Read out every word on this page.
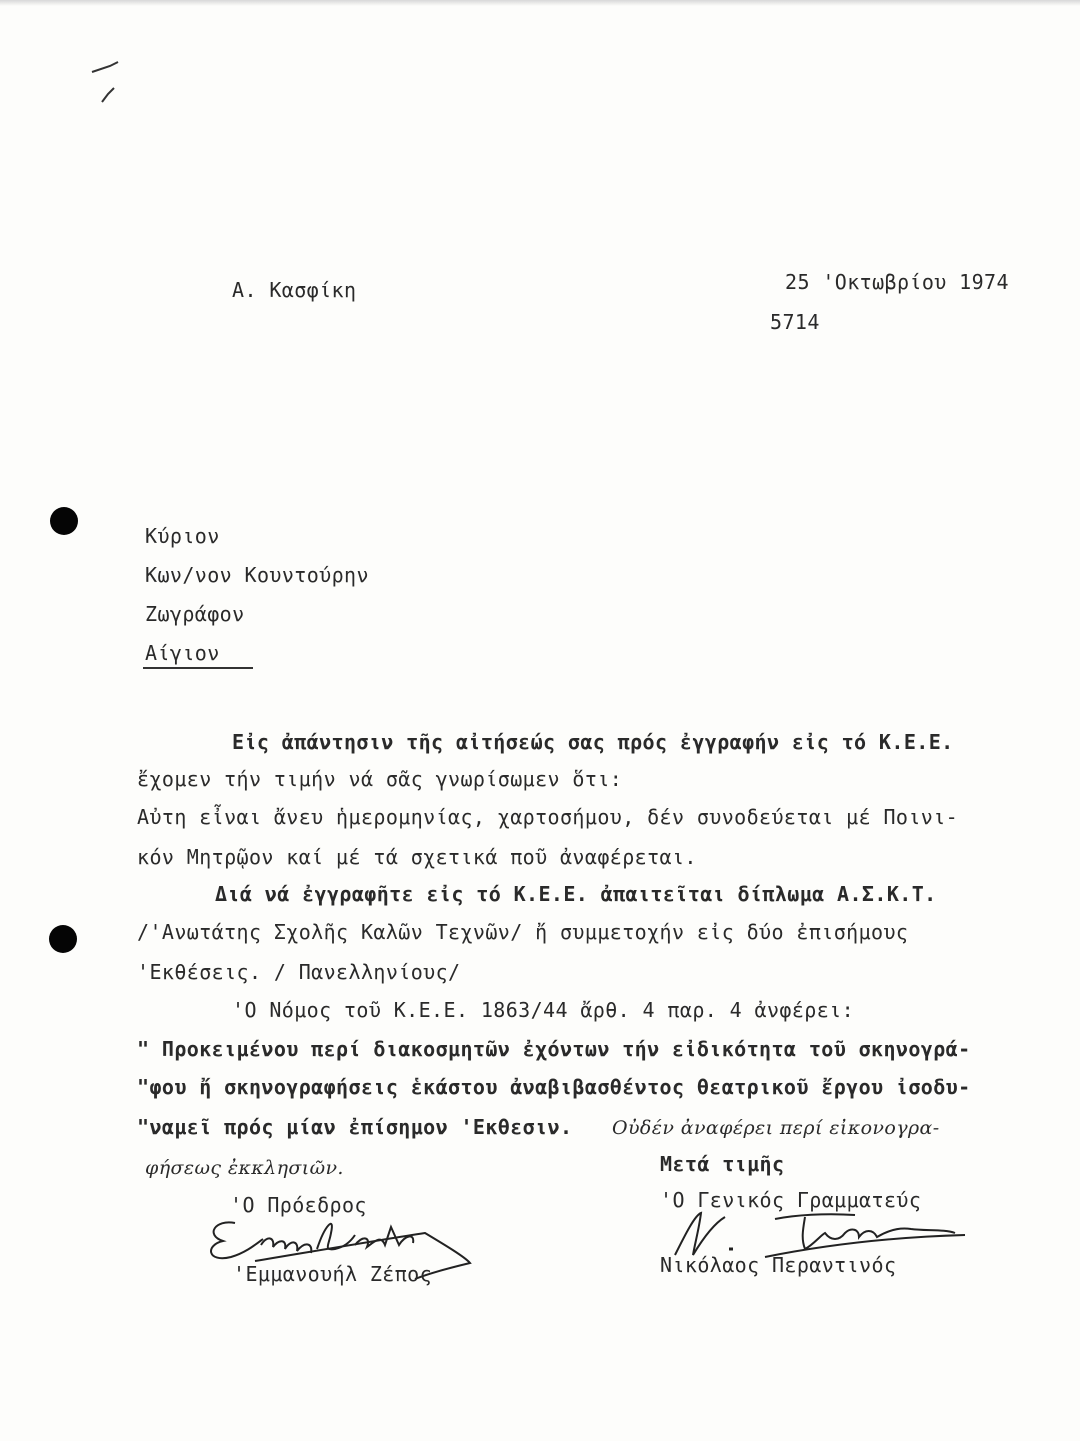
Α. Κασφίκη	25 'Οκτωβρίου 1974
5714
Κύριον
Κων/νον Κουντούρην
Ζωγράφον
Αίγιον
Εἰς ἀπάντησιν τῆς αἰτήσεώς σας πρός ἐγγραφήν εἰς τό Κ.Ε.Ε.
ἔχομεν τήν τιμήν νά σᾶς γνωρίσωμεν ὅτι:
Αὐτη εἶναι ἄνευ ἡμερομηνίας, χαρτοσήμου, δέν συνοδεύεται μέ Ποινι-
κόν Μητρῷον καί μέ τά σχετικά ποῦ ἀναφέρεται.
Διά νά ἐγγραφῆτε εἰς τό Κ.Ε.Ε. ἀπαιτεῖται δίπλωμα Α.Σ.Κ.Τ.
/'Ανωτάτης Σχολῆς Καλῶν Τεχνῶν/ ἤ συμμετοχήν εἰς δύο ἐπισήμους
'Εκθέσεις. / Πανελληνίους/
'Ο Νόμος τοῦ Κ.Ε.Ε. 1863/44 ἄρθ. 4 παρ. 4 ἀνφέρει:
" Προκειμένου περί διακοσμητῶν ἐχόντων τήν εἰδικότητα τοῦ σκηνογρά-
"φου ἤ σκηνογραφήσεις ἑκάστου ἀναβιβασθέντος θεατρικοῦ ἔργου ἰσοδυ-
"ναμεῖ πρός μίαν ἐπίσημον 'Εκθεσιν. Οὐδέν ἀναφέρει περί εἰκονογρα-
φήσεως ἐκκλησιῶν.	Μετά τιμῆς
'Ο Πρόεδρος	'Ο Γενικός Γραμματεύς
'Εμμανουήλ Ζέπος	Νικόλαος Περαντινός
